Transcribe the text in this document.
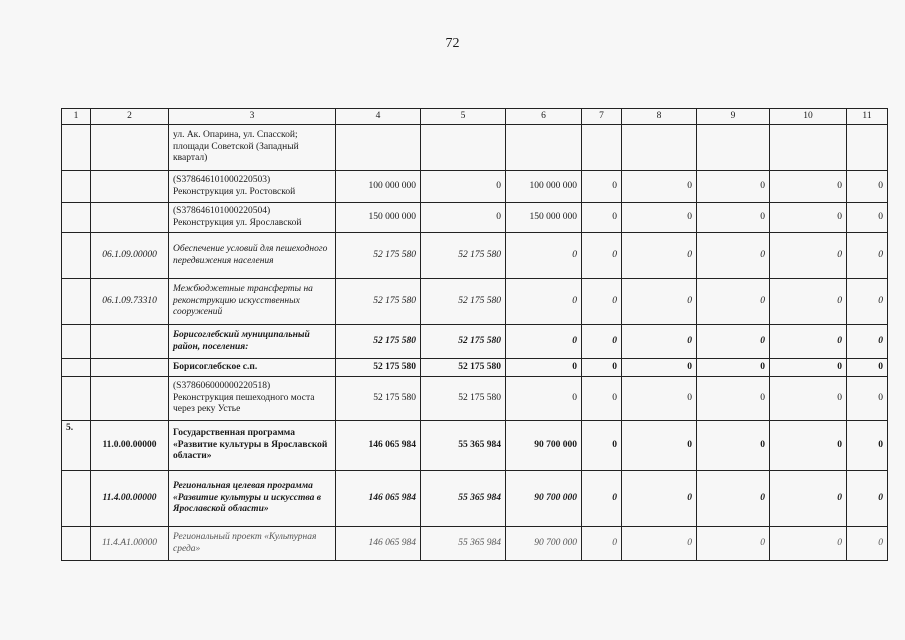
72
1	2	3	4	5	6	7	8	9	10	11
		ул. Ак. Опарина, ул. Спасской; площади Советской (Западный квартал)								
		(S378646101000220503) Реконструкция ул. Ростовской	100 000 000	0	100 000 000	0	0	0	0	0
		(S378646101000220504) Реконструкция ул. Ярославской	150 000 000	0	150 000 000	0	0	0	0	0
	06.1.09.00000	Обеспечение условий для пешеходного передвижения населения	52 175 580	52 175 580	0	0	0	0	0	0
	06.1.09.73310	Межбюджетные трансферты на реконструкцию искусственных сооружений	52 175 580	52 175 580	0	0	0	0	0	0
		Борисоглебский муниципальный район, поселения:	52 175 580	52 175 580	0	0	0	0	0	0
		Борисоглебское с.п.	52 175 580	52 175 580	0	0	0	0	0	0
		(S378606000000220518) Реконструкция пешеходного моста через реку Устье	52 175 580	52 175 580	0	0	0	0	0	0
5.	11.0.00.00000	Государственная программа «Развитие культуры в Ярославской области»	146 065 984	55 365 984	90 700 000	0	0	0	0	0
	11.4.00.00000	Региональная целевая программа «Развитие культуры и искусства в Ярославской области»	146 065 984	55 365 984	90 700 000	0	0	0	0	0
	11.4.A1.00000	Региональный проект «Культурная среда»	146 065 984	55 365 984	90 700 000	0	0	0	0	0
